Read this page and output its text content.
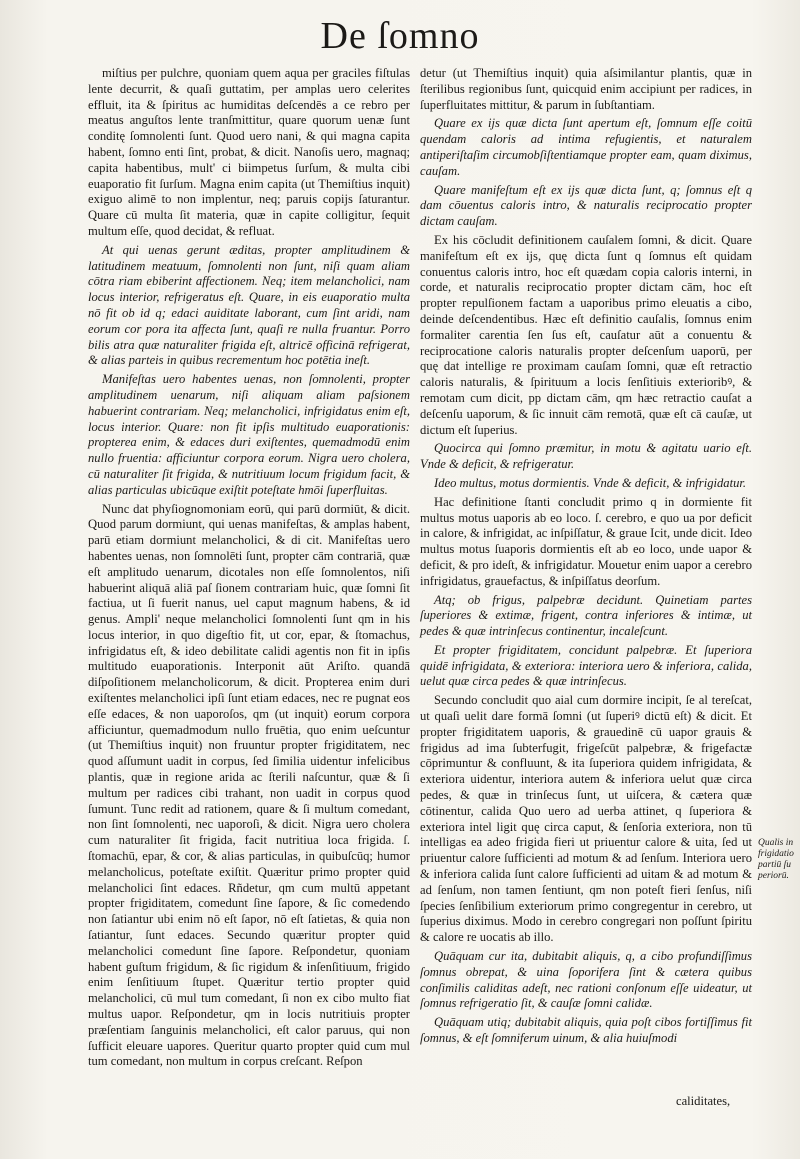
De ſomno

miſtius per pulchre, quoniam quem aqua per graciles fiſtulas lente decurrit, & quaſi guttatim, per amplas uero celerites effluit, ita & ſpiritus ac humiditas deſcendēs a ce rebro per meatus anguſtos lente tranſmittitur, quare quorum uenæ ſunt conditę ſomnolenti ſunt. Quod uero nani, & qui magna capita habent, ſomno enti ſint, probat, & dicit. Nanoſis uero, magnaq; capita habentibus, mult' ci biimpetus ſurſum, & multa cibi euaporatio fit ſurſum. Magna enim capita (ut Themiſtius inquit) exiguo alimē to non implentur, neq; paruis copijs ſaturantur. Quare cū multa ſit materia, quæ in capite colligitur, ſequit multum eſſe, quod decidat, & refluat.

At qui uenas gerunt æditas, propter amplitudinem & latitudinem meatuum, ſomnolenti non ſunt, niſi quam aliam cōtra riam ebiberint affectionem. Neq; item melancholici, nam locus interior, refrigeratus eſt. Quare, in eis euaporatio multa nō fit ob id q; edaci auiditate laborant, cum ſint aridi, nam eorum cor pora ita affecta ſunt, quaſi re nulla fruantur. Porro bilis atra quæ naturaliter frigida eſt, altricē officinā refrigerat, & alias parteis in quibus recrementum hoc potētia ineſt.

Manifeſtas uero habentes uenas, non ſomnolenti, propter amplitudinem uenarum, niſi aliquam aliam paſsionem habuerint contrariam. Neq; melancholici, infrigidatus enim eſt, locus interior. Quare: non fit ipſis multitudo euaporationis: propterea enim, & edaces duri exiſtentes, quemadmodū enim nullo fruentia: afficiuntur corpora eorum. Nigra uero cholera, cū naturaliter ſit frigida, & nutritiuum locum frigidum facit, & alias particulas ubicūque exiſtit poteſtate hmōi ſuperfluitas.

Nunc dat phyſiognomoniam eorū, qui parū dormiūt, & dicit. Quod parum dormiunt, qui uenas manifeſtas, & amplas habent, parū etiam dormiunt melancholici, & di cit. Manifeſtas uero habentes uenas, non ſomnolēti ſunt, propter cām contrariā, quæ eſt amplitudo uenarum, dicotales non eſſe ſomnolentos, niſi habuerint aliquā aliā paſ ſionem contrariam huic, quæ ſomni ſit factiua, ut ſi fuerit nanus, uel caput magnum habens, & id genus. Ampli' neque melancholici ſomnolenti ſunt qm in his locus interior, in quo digeſtio fit, ut cor, epar, & ſtomachus, infrigidatus eſt, & ideo debilitate calidi agentis non fit in ipſis multitudo euaporationis. Interponit aūt Ariſto. quandā diſpoſitionem melancholicorum, & dicit. Propterea enim duri exiſtentes melancholici ipſi ſunt etiam edaces, nec re pugnat eos eſſe edaces, & non uaporoſos, qm (ut inquit) eorum corpora afficiuntur, quemadmodum nullo fruētia, quo enim ueſcuntur (ut Themiſtius inquit) non fruuntur propter frigiditatem, nec quod aſſumunt uadit in corpus, ſed ſimilia uidentur infelicibus plantis, quæ in regione arida ac ſterili naſcuntur, quæ & ſi multum per radices cibi trahant, non uadit in corpus quod ſumunt. Tunc redit ad rationem, quare & ſi multum comedant, non ſint ſomnolenti, nec uaporoſi, & dicit. Nigra uero cholera cum naturaliter ſit frigida, facit nutritiua loca frigida. ſ. ſtomachū, epar, & cor, & alias particulas, in quibuſcūq; humor melancholicus, poteſtate exiſtit. Quæritur primo propter quid melancholici ſint edaces. Rñdetur, qm cum multū appetant propter frigiditatem, comedunt ſine ſapore, & ſic comedendo non ſatiantur ubi enim nō eſt ſapor, nō eſt ſatietas, & quia non ſatiantur, ſunt edaces. Secundo quæritur propter quid melancholici comedunt ſine ſapore. Reſpondetur, quoniam habent guſtum frigidum, & ſic rigidum & inſenſitiuum, frigido enim ſenſitiuum ſtupet. Quæritur tertio propter quid melancholici, cū mul tum comedant, ſi non ex cibo multo fiat multus uapor. Reſpondetur, qm in locis nutritiuis propter præſentiam ſanguinis melancholici, eſt calor paruus, qui non ſufficit eleuare uapores. Queritur quarto propter quid cum mul tum comedant, non multum in corpus creſcant. Reſpon

detur (ut Themiſtius inquit) quia aſsimilantur plantis, quæ in ſterilibus regionibus ſunt, quicquid enim accipiunt per radices, in ſuperfluitates mittitur, & parum in ſubſtantiam.

Quare ex ijs quæ dicta ſunt apertum eſt, ſomnum eſſe coitū quendam caloris ad intima refugientis, et naturalem antiperiſtaſim circumobſiſtentiamque propter eam, quam diximus, cauſam.

Quare manifeſtum eſt ex ijs quæ dicta ſunt, q; ſomnus eſt q dam cōuentus caloris intro, & naturalis reciprocatio propter dictam cauſam.

Ex his cōcludit definitionem cauſalem ſomni, & dicit. Quare manifeſtum eſt ex ijs, quę dicta ſunt q ſomnus eſt quidam conuentus caloris intro, hoc eſt quædam copia caloris interni, in corde, et naturalis reciprocatio propter dictam cām, hoc eſt propter repulſionem factam a uaporibus primo eleuatis a cibo, deinde deſcendentibus. Hæc eſt definitio cauſalis, ſomnus enim formaliter carentia ſen ſus eſt, cauſatur aūt a conuentu & reciprocatione caloris naturalis propter deſcenſum uaporū, per quę dat intellige re proximam cauſam ſomni, quæ eſt retractio caloris naturalis, & ſpirituum a locis ſenſitiuis exterioribꝰ, & remotam cum dicit, pp dictam cām, qm hæc retractio cauſat a deſcenſu uaporum, & ſic innuit cām remotā, quæ eſt cā cauſæ, ut dictum eſt ſuperius.

Quocirca qui ſomno præmitur, in motu & agitatu uario eſt. Vnde & deficit, & refrigeratur.

Ideo multus, motus dormientis. Vnde & deficit, & infrigidatur.

Hac definitione ſtanti concludit primo q in dormiente fit multus motus uaporis ab eo loco. ſ. cerebro, e quo ua por deficit in calore, & infrigidat, ac inſpiſſatur, & graue Icit, unde dicit. Ideo multus motus ſuaporis dormientis eſt ab eo loco, unde uapor & deficit, & pro ideſt, & infrigidatur. Mouetur enim uapor a cerebro infrigidatus, grauefactus, & inſpiſſatus deorſum.

Atq; ob frigus, palpebræ decidunt. Quinetiam partes ſuperiores & extimæ, frigent, contra inferiores & intimæ, ut pedes & quæ intrinſecus continentur, incaleſcunt.

Et propter frigiditatem, concidunt palpebræ. Et ſuperiora quidē infrigidata, & exteriora: interiora uero & inferiora, calida, uelut quæ circa pedes & quæ intrinſecus.

Secundo concludit quo aial cum dormire incipit, ſe al tereſcat, ut quaſi uelit dare formā ſomni (ut ſuperiꝰ dictū eſt) & dicit. Et propter frigiditatem uaporis, & grauedinē cū uapor grauis & frigidus ad ima ſubterfugit, frigeſcūt palpebræ, & frigefactæ cōprimuntur & confluunt, & ita ſuperiora quidem infrigidata, & exteriora uidentur, interiora autem & inferiora uelut quæ circa pedes, & quæ in trinſecus ſunt, ut uiſcera, & cætera quæ cōtinentur, calida Quo uero ad uerba attinet, q ſuperiora & exteriora intel ligit quę circa caput, & ſenſoria exteriora, non tū intelligas ea adeo frigida fieri ut priuentur calore & uita, ſed ut priuentur calore ſufficienti ad motum & ad ſenſum. Interiora uero & inferiora calida ſunt calore ſufficienti ad uitam & ad motum & ad ſenſum, non tamen ſentiunt, qm non poteſt fieri ſenſus, niſi ſpecies ſenſibilium exteriorum primo congregentur in cerebro, ut ſuperius diximus. Modo in cerebro congregari non poſſunt ſpiritu & calore re uocatis ab illo.

Quāquam cur ita, dubitabit aliquis, q, a cibo profundiſſimus ſomnus obrepat, & uina ſoporifera ſint & cætera quibus conſimilis caliditas adeſt, nec rationi conſonum eſſe uideatur, ut ſomnus refrigeratio ſit, & cauſæ ſomni calidæ.

Quāquam utiq; dubitabit aliquis, quia poſt cibos fortiſſimus fit ſomnus, & eſt ſomniferum uinum, & alia huiuſmodi

Qualis in frigidatio partiū ſu periorū.
caliditates,
